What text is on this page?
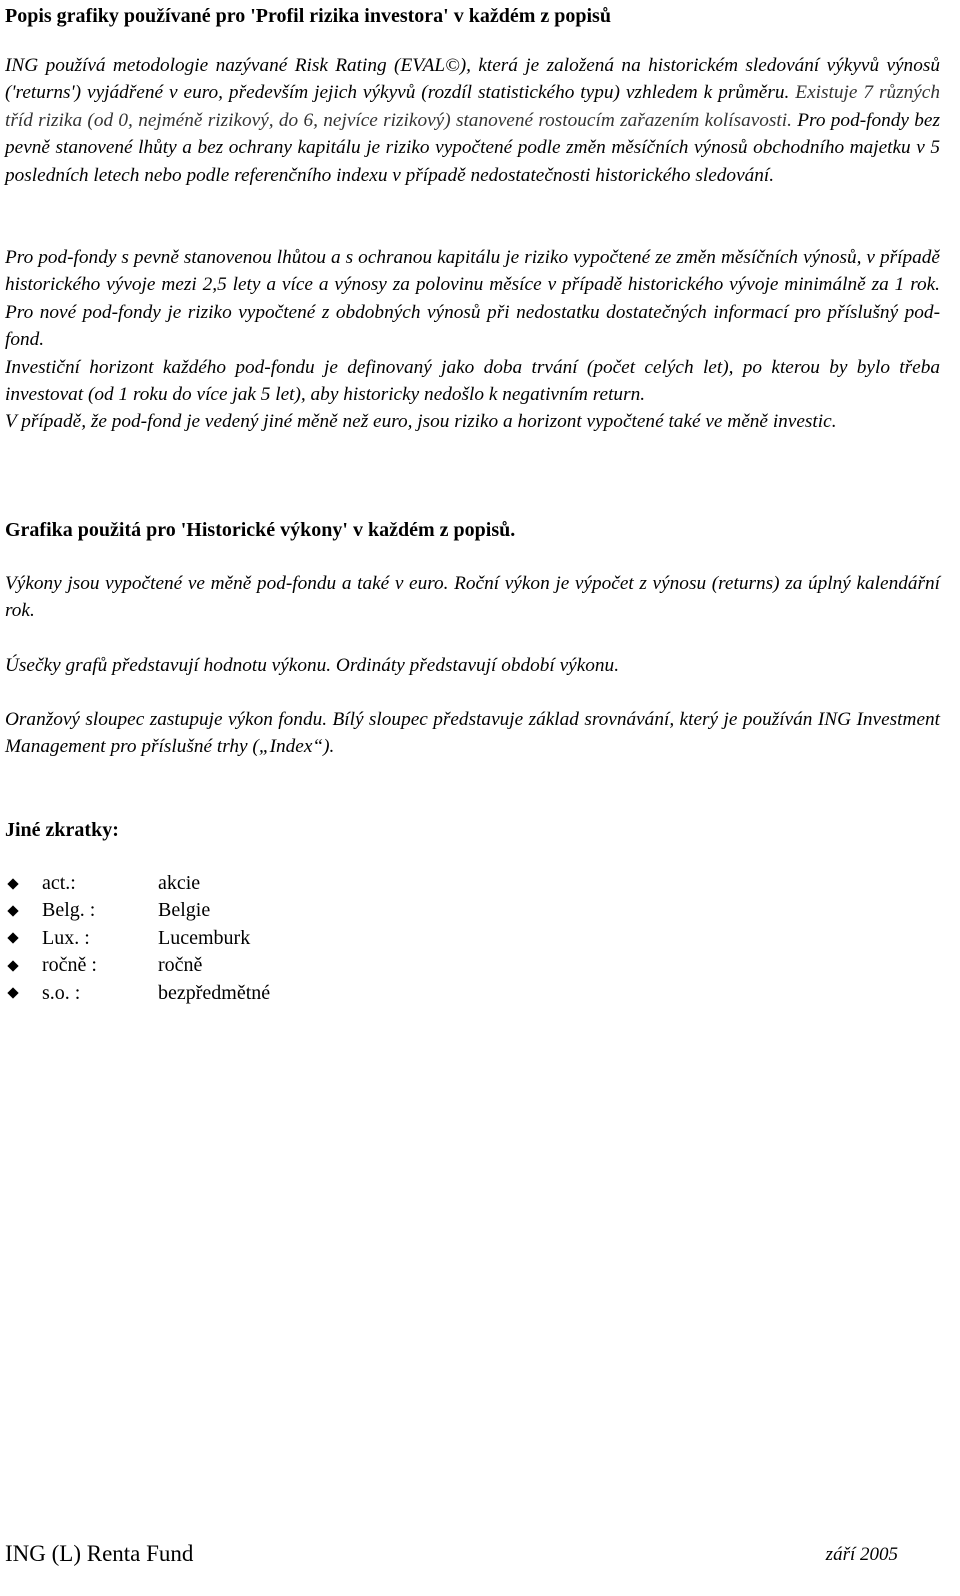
Popis grafiky používané pro 'Profil rizika investora' v každém z popisů

ING používá metodologie nazývané Risk Rating (EVAL©), která je založená na historickém sledování výkyvů výnosů ('returns') vyjádřené v euro, především jejich výkyvů (rozdíl statistického typu) vzhledem k průměru. Existuje 7 různých tříd rizika (od 0, nejméně rizikový, do 6, nejvíce rizikový) stanovené rostoucím zařazením kolísavosti. Pro pod-fondy bez pevně stanovené lhůty a bez ochrany kapitálu je riziko vypočtené podle změn měsíčních výnosů obchodního majetku v 5 posledních letech nebo podle referenčního indexu v případě nedostatečnosti historického sledování.

Pro pod-fondy s pevně stanovenou lhůtou a s ochranou kapitálu je riziko vypočtené ze změn měsíčních výnosů, v případě historického vývoje mezi 2,5 lety a více a výnosy za polovinu měsíce v případě historického vývoje minimálně za 1 rok. Pro nové pod-fondy je riziko vypočtené z obdobných výnosů při nedostatku dostatečných informací pro příslušný pod-fond.

Investiční horizont každého pod-fondu je definovaný jako doba trvání (počet celých let), po kterou by bylo třeba investovat (od 1 roku do více jak 5 let), aby historicky nedošlo k negativním return.

V případě, že pod-fond je vedený jiné měně než euro, jsou riziko a horizont vypočtené také ve měně investic.

Grafika použitá pro 'Historické výkony' v každém z popisů.

Výkony jsou vypočtené ve měně pod-fondu a také v euro. Roční výkon je výpočet z výnosu (returns) za úplný kalendářní rok.

Úsečky grafů představují hodnotu výkonu. Ordináty představují období výkonu.

Oranžový sloupec zastupuje výkon fondu. Bílý sloupec představuje základ srovnávání, který je používán ING Investment Management pro příslušné trhy („Index“).

Jiné zkratky:
act.:	akcie
Belg. :	Belgie
Lux. :	Lucemburk
ročně :	ročně
s.o. :	bezpředmětné
ING (L) Renta Fund	září 2005
